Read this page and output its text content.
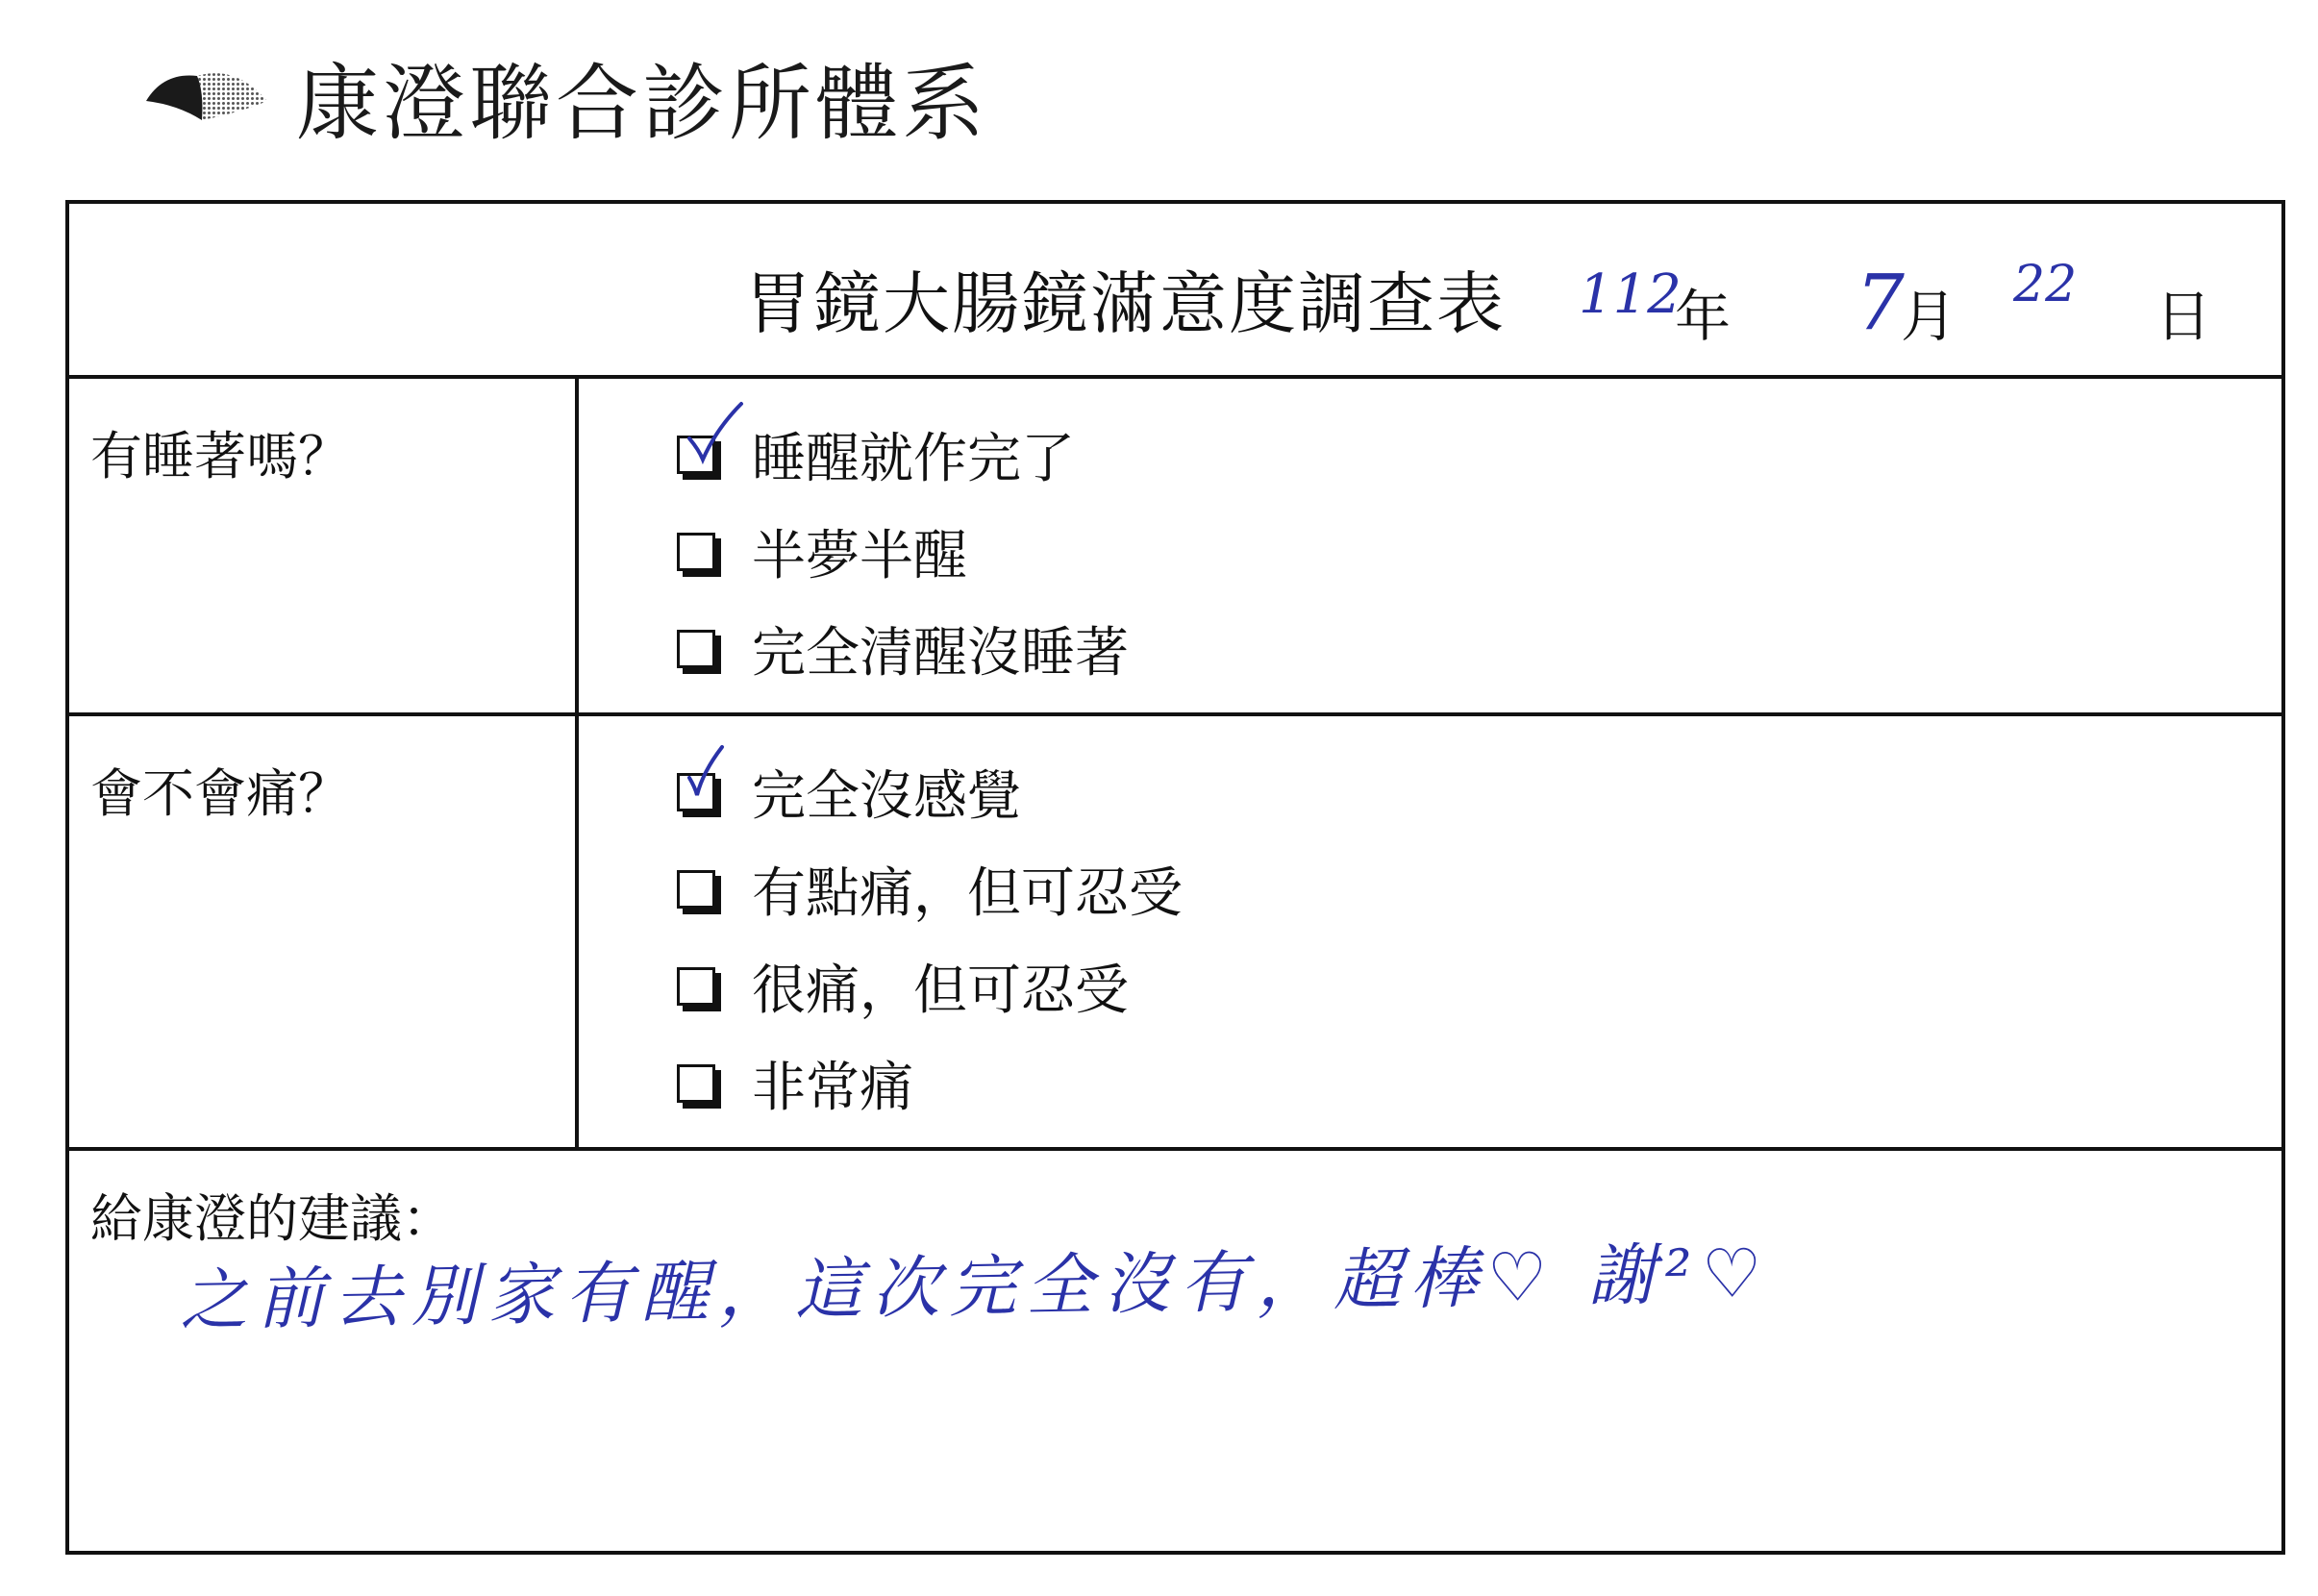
康澄聯合診所體系
胃鏡大腸鏡滿意度調查表 112
年 7
月 22 日
有睡著嗎？	睡醒就作完了
半夢半醒
完全清醒沒睡著
會不會痛？	完全沒感覺
有點痛，但可忍受
很痛，但可忍受
非常痛
給康澄的建議：
之前去別家有醒，這次完全沒有，超棒♡ 謝²♡
